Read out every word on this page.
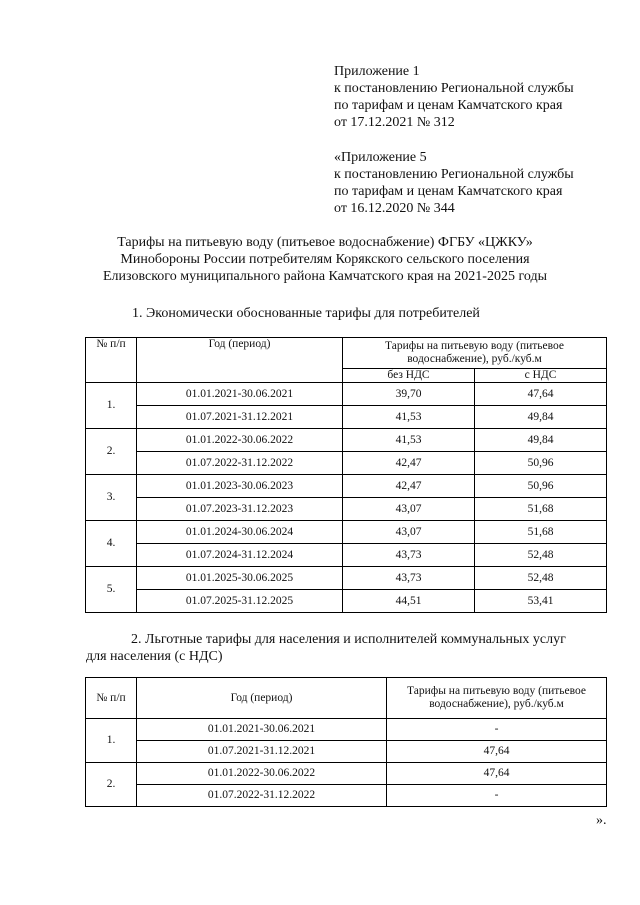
Приложение 1
к постановлению Региональной службы
по тарифам и ценам Камчатского края
от 17.12.2021 № 312
«Приложение 5
к постановлению Региональной службы
по тарифам и ценам Камчатского края
от 16.12.2020 № 344
Тарифы на питьевую воду (питьевое водоснабжение) ФГБУ «ЦЖКУ»
Минобороны России потребителям Корякского сельского поселения
Елизовского муниципального района Камчатского края на 2021-2025 годы
1. Экономически обоснованные тарифы для потребителей
№ п/п	Год (период)	Тарифы на питьевую воду (питьевое
водоснабжение), руб./куб.м	

		без НДС	с НДС
1.	01.01.2021-30.06.2021	39,70	47,64
	01.07.2021-31.12.2021	41,53	49,84
2.	01.01.2022-30.06.2022	41,53	49,84
	01.07.2022-31.12.2022	42,47	50,96
3.	01.01.2023-30.06.2023	42,47	50,96
	01.07.2023-31.12.2023	43,07	51,68
4.	01.01.2024-30.06.2024	43,07	51,68
	01.07.2024-31.12.2024	43,73	52,48
5.	01.01.2025-30.06.2025	43,73	52,48
	01.07.2025-31.12.2025	44,51	53,41
2. Льготные тарифы для населения и исполнителей коммунальных услуг
для населения (с НДС)
№ п/п	Год (период)	Тарифы на питьевую воду (питьевое
водоснабжение), руб./куб.м

1.	01.01.2021-30.06.2021	-
	01.07.2021-31.12.2021	47,64
2.	01.01.2022-30.06.2022	47,64
	01.07.2022-31.12.2022	-
».
